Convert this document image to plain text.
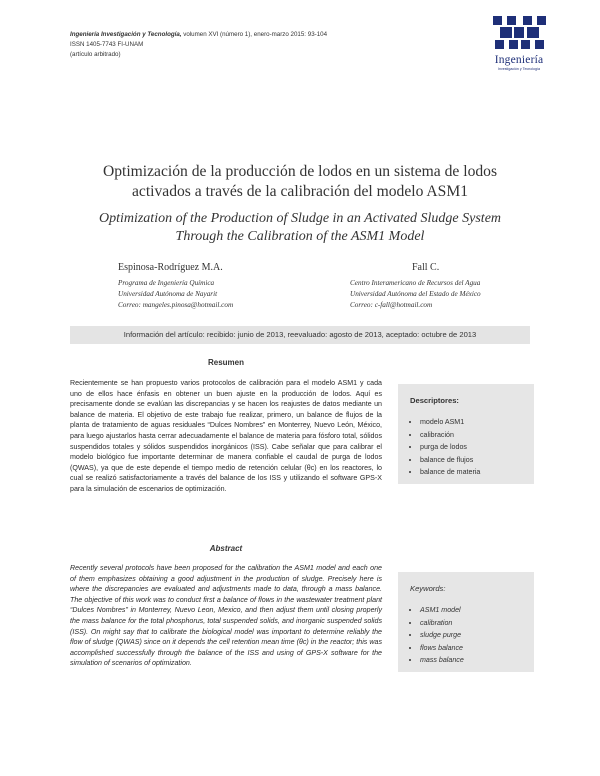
Ingeniería Investigación y Tecnología, volumen XVI (número 1), enero-marzo 2015: 93-104
ISSN 1405-7743 FI-UNAM
(artículo arbitrado)	Ingeniería
Investigación y Tecnología
Optimización de la producción de lodos en un sistema de lodos
activados a través de la calibración del modelo ASM1
Optimization of the Production of Sludge in an Activated Sludge System
Through the Calibration of the ASM1 Model
Espinosa-Rodríguez M.A.
Programa de Ingeniería Química
Universidad Autónoma de Nayarit
Correo: mangeles.pinosa@hotmail.com
Fall C.
Centro Interamericano de Recursos del Agua
Universidad Autónoma del Estado de México
Correo: c-fall@hotmail.com
Información del artículo: recibido: junio de 2013, reevaluado: agosto de 2013, aceptado: octubre de 2013
Resumen
Recientemente se han propuesto varios protocolos de calibración para el modelo ASM1 y cada uno de ellos hace énfasis en obtener un buen ajuste en la producción de lodos. Aquí es precisamente donde se evalúan las discrepancias y se hacen los reajustes de datos mediante un balance de materia. El objetivo de este trabajo fue realizar, primero, un balance de flujos de la planta de tratamiento de aguas residuales “Dulces Nombres” en Monterrey, Nuevo León, México, para luego ajustarlos hasta cerrar adecuadamente el balance de materia para fósforo total, sólidos suspendidos totales y sólidos suspendidos inorgánicos (ISS). Cabe señalar que para calibrar el modelo biológico fue importante determinar de manera confiable el caudal de purga de lodos (QWAS), ya que de este depende el tiempo medio de retención celular (θc) en los reactores, lo cual se realizó satisfactoriamente a través del balance de los ISS y utilizando el software GPS-X para la simulación de escenarios de optimización.
Descriptores:
• modelo ASM1
• calibración
• purga de lodos
• balance de flujos
• balance de materia
Abstract
Recently several protocols have been proposed for the calibration the ASM1 model and each one of them emphasizes obtaining a good adjustment in the production of sludge. Precisely here is where the discrepancies are evaluated and adjustments made to data, through a mass balance. The objective of this work was to conduct first a balance of flows in the wastewater treatment plant “Dulces Nombres” in Monterrey, Nuevo Leon, Mexico, and then adjust them until closing properly the mass balance for the total phosphorus, total suspended solids, and inorganic suspended solids (ISS). On might say that to calibrate the biological model was important to determine reliably the flow of sludge (QWAS) since on it depends the cell retention mean time (θc) in the reactor; this was accomplished successfully through the balance of the ISS and using of GPS-X software for the simulation of scenarios of optimization.
Keywords:
• ASM1 model
• calibration
• sludge purge
• flows balance
• mass balance
